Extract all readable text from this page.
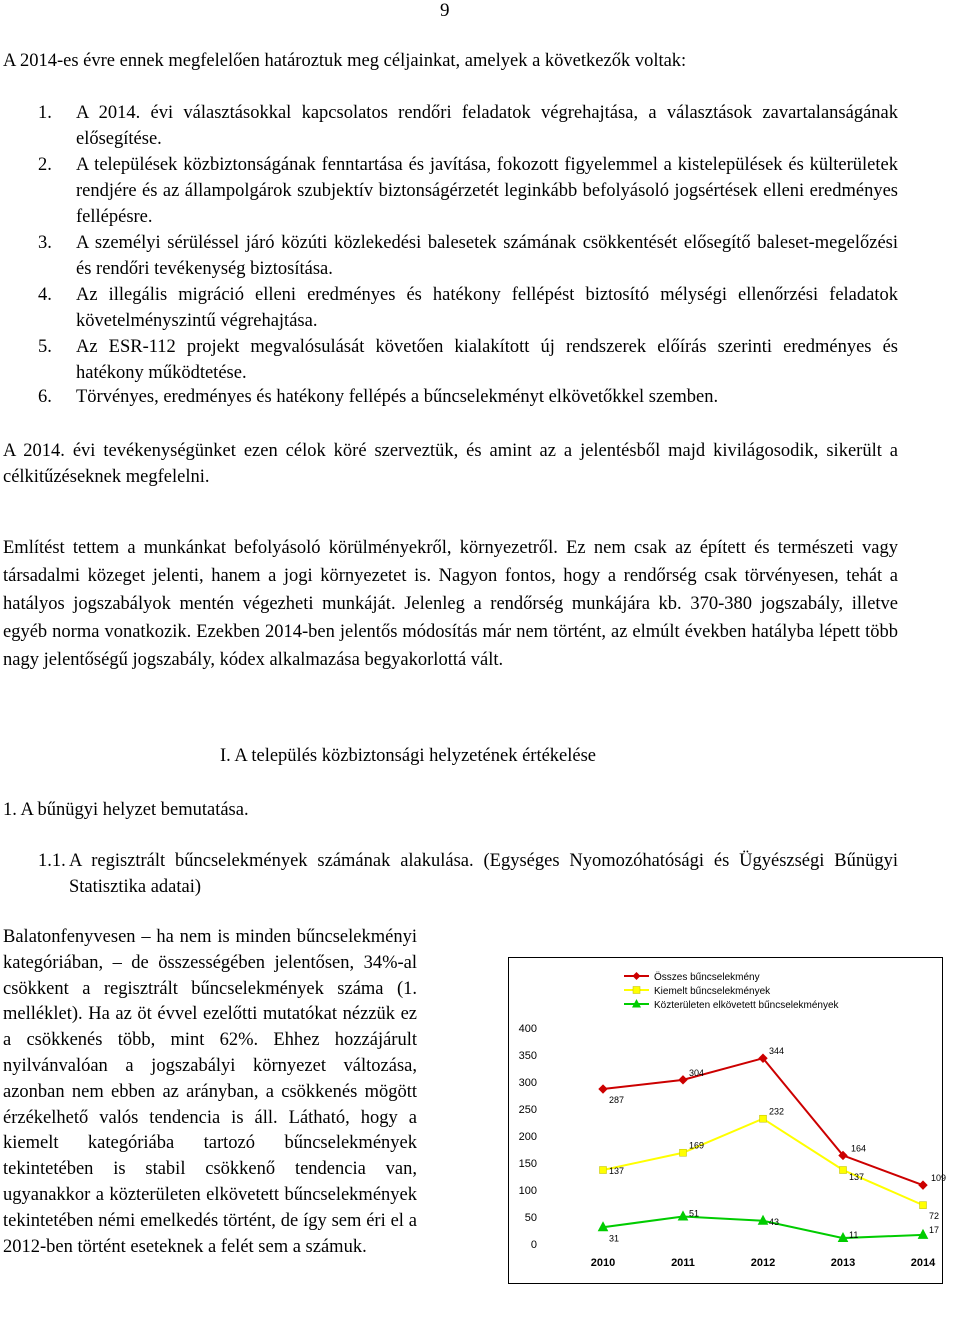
9
A 2014-es évre ennek megfelelően határoztuk meg céljainkat, amelyek a következők voltak:
1.	A 2014. évi választásokkal kapcsolatos rendőri feladatok végrehajtása, a választások zavartalanságának elősegítése.
2.	A települések közbiztonságának fenntartása és javítása, fokozott figyelemmel a kistelepülések és külterületek rendjére és az állampolgárok szubjektív biztonságérzetét leginkább befolyásoló jogsértések elleni eredményes fellépésre.
3.	A személyi sérüléssel járó közúti közlekedési balesetek számának csökkentését elősegítő baleset-megelőzési és rendőri tevékenység biztosítása.
4.	Az illegális migráció elleni eredményes és hatékony fellépést biztosító mélységi ellenőrzési feladatok követelményszintű végrehajtása.
5.	Az ESR-112 projekt megvalósulását követően kialakított új rendszerek előírás szerinti eredményes és hatékony működtetése.
6.	Törvényes, eredményes és hatékony fellépés a bűncselekményt elkövetőkkel szemben.
A 2014. évi tevékenységünket ezen célok köré szerveztük, és amint az a jelentésből majd kivilágosodik, sikerült a célkitűzéseknek megfelelni.
Említést tettem a munkánkat befolyásoló körülményekről, környezetről. Ez nem csak az épített és természeti vagy társadalmi közeget jelenti, hanem a jogi környezetet is. Nagyon fontos, hogy a rendőrség csak törvényesen, tehát a hatályos jogszabályok mentén végezheti munkáját. Jelenleg a rendőrség munkájára kb. 370-380 jogszabály, illetve egyéb norma vonatkozik. Ezekben 2014-ben jelentős módosítás már nem történt, az elmúlt években hatályba lépett több nagy jelentőségű jogszabály, kódex alkalmazása begyakorlottá vált.
I. A település közbiztonsági helyzetének értékelése
1. A bűnügyi helyzet bemutatása.
1.1. A regisztrált bűncselekmények számának alakulása. (Egységes Nyomozóhatósági és Ügyészségi Bűnügyi Statisztika adatai)
Balatonfenyvesen – ha nem is minden bűncselekményi kategóriában, – de összességében jelentősen, 34%-al csökkent a regisztrált bűncselekmények száma (1. melléklet). Ha az öt évvel ezelőtti mutatókat nézzük ez a csökkenés több, mint 62%. Ehhez hozzájárult nyilvánvalóan a jogszabályi környezet változása, azonban nem ebben az arányban, a csökkenés mögött érzékelhető valós tendencia is áll. Látható, hogy a kiemelt kategóriába tartozó bűncselekmények tekintetében is stabil csökkenő tendencia van, ugyanakkor a közterületen elkövetett bűncselekmények tekintetében némi emelkedés történt, de így sem éri el a 2012-ben történt eseteknek a felét sem a számuk.	0
50
100
150
200
250
300
350
400
2010	2011	2012	2013	2014
287
304
344
164
109
137
169
232
137
72
31
51
43
11
17
Összes bűncselekmény
Kiemelt bűncselekmények
Közterületen elkövetett bűncselekmények
